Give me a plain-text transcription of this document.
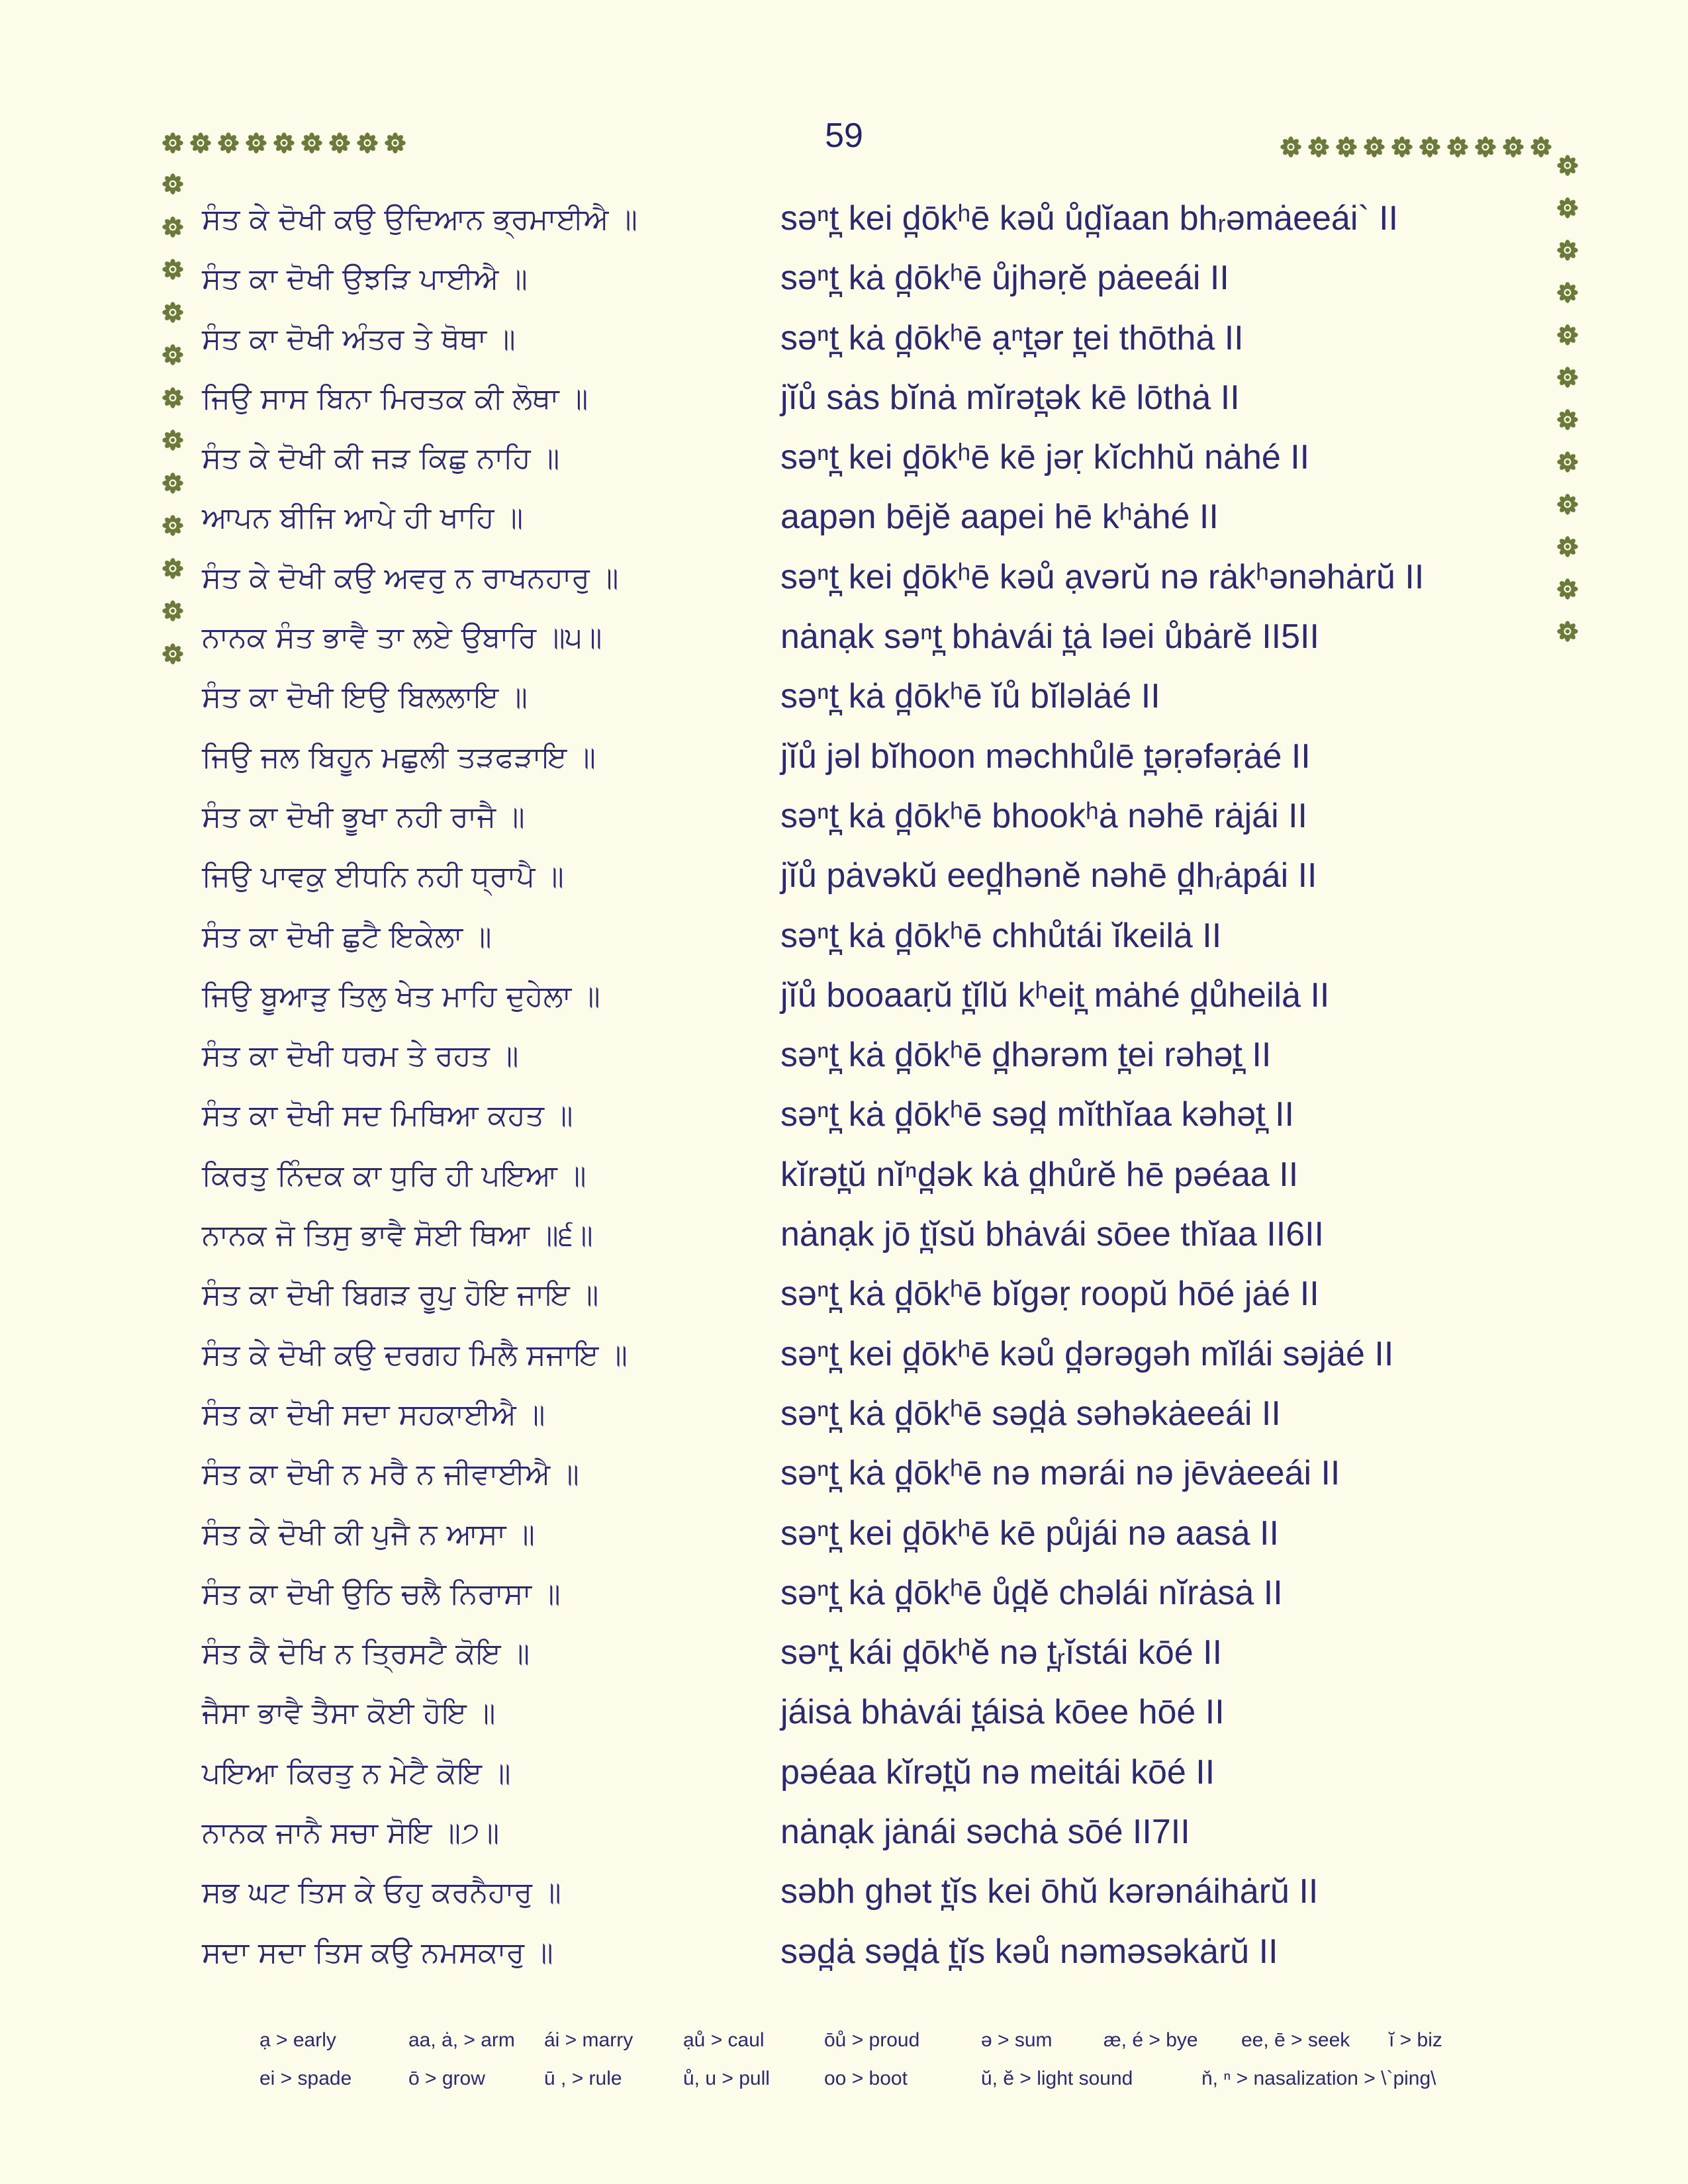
59
ਸੰਤ ਕੇ ਦੋਖੀ ਕਉ ਉਦਿਆਨ ਭ੍ਰਮਾਈਐ ॥	səⁿt̪ kei d̪ōkʰē kəů ůd̪ĭaan bhᵣəmȧeeái` II
ਸੰਤ ਕਾ ਦੋਖੀ ਉਝੜਿ ਪਾਈਐ ॥	səⁿt̪ kȧ d̪ōkʰē ůjhəṛĕ pȧeeái II
ਸੰਤ ਕਾ ਦੋਖੀ ਅੰਤਰ ਤੇ ਥੋਥਾ ॥	səⁿt̪ kȧ d̪ōkʰē ạⁿt̪ər t̪ei thōthȧ II
ਜਿਉ ਸਾਸ ਬਿਨਾ ਮਿਰਤਕ ਕੀ ਲੋਥਾ ॥	jĭů sȧs bĭnȧ mĭrət̪ək kē lōthȧ II
ਸੰਤ ਕੇ ਦੋਖੀ ਕੀ ਜੜ ਕਿਛੁ ਨਾਹਿ ॥	səⁿt̪ kei d̪ōkʰē kē jəṛ kĭchhŭ nȧhé II
ਆਪਨ ਬੀਜਿ ਆਪੇ ਹੀ ਖਾਹਿ ॥	aapən bējĕ aapei hē kʰȧhé II
ਸੰਤ ਕੇ ਦੋਖੀ ਕਉ ਅਵਰੁ ਨ ਰਾਖਨਹਾਰੁ ॥	səⁿt̪ kei d̪ōkʰē kəů ạvərŭ nə rȧkʰənəhȧrŭ II
ਨਾਨਕ ਸੰਤ ਭਾਵੈ ਤਾ ਲਏ ਉਬਾਰਿ ॥੫॥	nȧnạk səⁿt̪ bhȧvái t̪ȧ ləei ůbȧrĕ II5II
ਸੰਤ ਕਾ ਦੋਖੀ ਇਉ ਬਿਲਲਾਇ ॥	səⁿt̪ kȧ d̪ōkʰē ĭů bĭləlȧé II
ਜਿਉ ਜਲ ਬਿਹੂਨ ਮਛੁਲੀ ਤੜਫੜਾਇ ॥	jĭů jəl bĭhoon məchhůlē t̪əṛəfəṛȧé II
ਸੰਤ ਕਾ ਦੋਖੀ ਭੂਖਾ ਨਹੀ ਰਾਜੈ ॥	səⁿt̪ kȧ d̪ōkʰē bhookʰȧ nəhē rȧjái II
ਜਿਉ ਪਾਵਕੁ ਈਧਨਿ ਨਹੀ ਧ੍ਰਾਪੈ ॥	jĭů pȧvəkŭ eed̪hənĕ nəhē d̪hᵣȧpái II
ਸੰਤ ਕਾ ਦੋਖੀ ਛੁਟੈ ਇਕੇਲਾ ॥	səⁿt̪ kȧ d̪ōkʰē chhůtái ĭkeilȧ II
ਜਿਉ ਬੂਆੜੁ ਤਿਲੁ ਖੇਤ ਮਾਹਿ ਦੁਹੇਲਾ ॥	jĭů booaaṛŭ t̪ĭlŭ kʰeit̪ mȧhé d̪ůheilȧ II
ਸੰਤ ਕਾ ਦੋਖੀ ਧਰਮ ਤੇ ਰਹਤ ॥	səⁿt̪ kȧ d̪ōkʰē d̪hərəm t̪ei rəhət̪ II
ਸੰਤ ਕਾ ਦੋਖੀ ਸਦ ਮਿਥਿਆ ਕਹਤ ॥	səⁿt̪ kȧ d̪ōkʰē səd̪ mĭthĭaa kəhət̪ II
ਕਿਰਤੁ ਨਿੰਦਕ ਕਾ ਧੁਰਿ ਹੀ ਪਇਆ ॥	kĭrət̪ŭ nĭⁿd̪ək kȧ d̪hůrĕ hē pəéaa II
ਨਾਨਕ ਜੋ ਤਿਸੁ ਭਾਵੈ ਸੋਈ ਥਿਆ ॥੬॥	nȧnạk jō t̪ĭsŭ bhȧvái sōee thĭaa II6II
ਸੰਤ ਕਾ ਦੋਖੀ ਬਿਗੜ ਰੂਪੁ ਹੋਇ ਜਾਇ ॥	səⁿt̪ kȧ d̪ōkʰē bĭgəṛ roopŭ hōé jȧé II
ਸੰਤ ਕੇ ਦੋਖੀ ਕਉ ਦਰਗਹ ਮਿਲੈ ਸਜਾਇ ॥	səⁿt̪ kei d̪ōkʰē kəů d̪ərəgəh mĭlái səjȧé II
ਸੰਤ ਕਾ ਦੋਖੀ ਸਦਾ ਸਹਕਾਈਐ ॥	səⁿt̪ kȧ d̪ōkʰē səd̪ȧ səhəkȧeeái II
ਸੰਤ ਕਾ ਦੋਖੀ ਨ ਮਰੈ ਨ ਜੀਵਾਈਐ ॥	səⁿt̪ kȧ d̪ōkʰē nə mərái nə jēvȧeeái II
ਸੰਤ ਕੇ ਦੋਖੀ ਕੀ ਪੁਜੈ ਨ ਆਸਾ ॥	səⁿt̪ kei d̪ōkʰē kē půjái nə aasȧ II
ਸੰਤ ਕਾ ਦੋਖੀ ਉਠਿ ਚਲੈ ਨਿਰਾਸਾ ॥	səⁿt̪ kȧ d̪ōkʰē ůd̪ĕ chəlái nĭrȧsȧ II
ਸੰਤ ਕੈ ਦੋਖਿ ਨ ਤ੍ਰਿਸਟੈ ਕੋਇ ॥	səⁿt̪ kái d̪ōkʰĕ nə t̪ᵣĭstái kōé II
ਜੈਸਾ ਭਾਵੈ ਤੈਸਾ ਕੋਈ ਹੋਇ ॥	jáisȧ bhȧvái t̪áisȧ kōee hōé II
ਪਇਆ ਕਿਰਤੁ ਨ ਮੇਟੈ ਕੋਇ ॥	pəéaa kĭrət̪ŭ nə meitái kōé II
ਨਾਨਕ ਜਾਨੈ ਸਚਾ ਸੋਇ ॥੭॥	nȧnạk jȧnái səchȧ sōé II7II
ਸਭ ਘਟ ਤਿਸ ਕੇ ਓਹੁ ਕਰਨੈਹਾਰੁ ॥	səbh ghət t̪ĭs kei ōhŭ kərənáihȧrŭ II
ਸਦਾ ਸਦਾ ਤਿਸ ਕਉ ਨਮਸਕਾਰੁ ॥	səd̪ȧ səd̪ȧ t̪ĭs kəů nəməsəkȧrŭ II
ạ > early	aa, ȧ, > arm ái > marry	ạů > caul	ōů > proud	ə > sum	æ, é > bye ee, ē > seek ĭ > biz
ei > spade	ō > grow	ū , > rule	ů, u > pull	oo > boot	ŭ, ĕ > light sound	ň, ⁿ > nasalization > \`ping\
